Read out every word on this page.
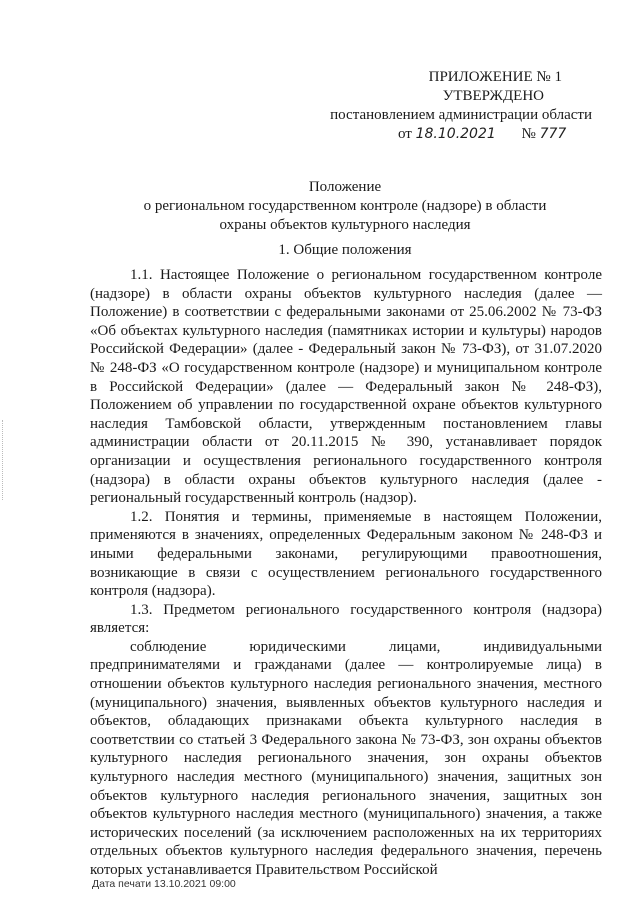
ПРИЛОЖЕНИЕ № 1
УТВЕРЖДЕНО
постановлением администрации области
от 18.10.2021 № 777
Положение
о региональном государственном контроле (надзоре) в области
охраны объектов культурного наследия
1. Общие положения

1.1. Настоящее Положение о региональном государственном контроле (надзоре) в области охраны объектов культурного наследия (далее — Положение) в соответствии с федеральными законами от 25.06.2002 № 73-ФЗ «Об объектах культурного наследия (памятниках истории и культуры) народов Российской Федерации» (далее - Федеральный закон № 73-ФЗ), от 31.07.2020 № 248-ФЗ «О государственном контроле (надзоре) и муниципальном контроле в Российской Федерации» (далее — Федеральный закон № 248-ФЗ), Положением об управлении по государственной охране объектов культурного наследия Тамбовской области, утвержденным постановлением главы администрации области от 20.11.2015 № 390, устанавливает порядок организации и осуществления регионального государственного контроля (надзора) в области охраны объектов культурного наследия (далее - региональный государственный контроль (надзор).

1.2. Понятия и термины, применяемые в настоящем Положении, применяются в значениях, определенных Федеральным законом № 248-ФЗ и иными федеральными законами, регулирующими правоотношения, возникающие в связи с осуществлением регионального государственного контроля (надзора).

1.3. Предметом регионального государственного контроля (надзора) является:

соблюдение юридическими лицами, индивидуальными предпринимателями и гражданами (далее — контролируемые лица) в отношении объектов культурного наследия регионального значения, местного (муниципального) значения, выявленных объектов культурного наследия и объектов, обладающих признаками объекта культурного наследия в соответствии со статьей 3 Федерального закона № 73-ФЗ, зон охраны объектов культурного наследия регионального значения, зон охраны объектов культурного наследия местного (муниципального) значения, защитных зон объектов культурного наследия регионального значения, защитных зон объектов культурного наследия местного (муниципального) значения, а также исторических поселений (за исключением расположенных на их территориях отдельных объектов культурного наследия федерального значения, перечень которых устанавливается Правительством Российской

Дата печати 13.10.2021 09:00
